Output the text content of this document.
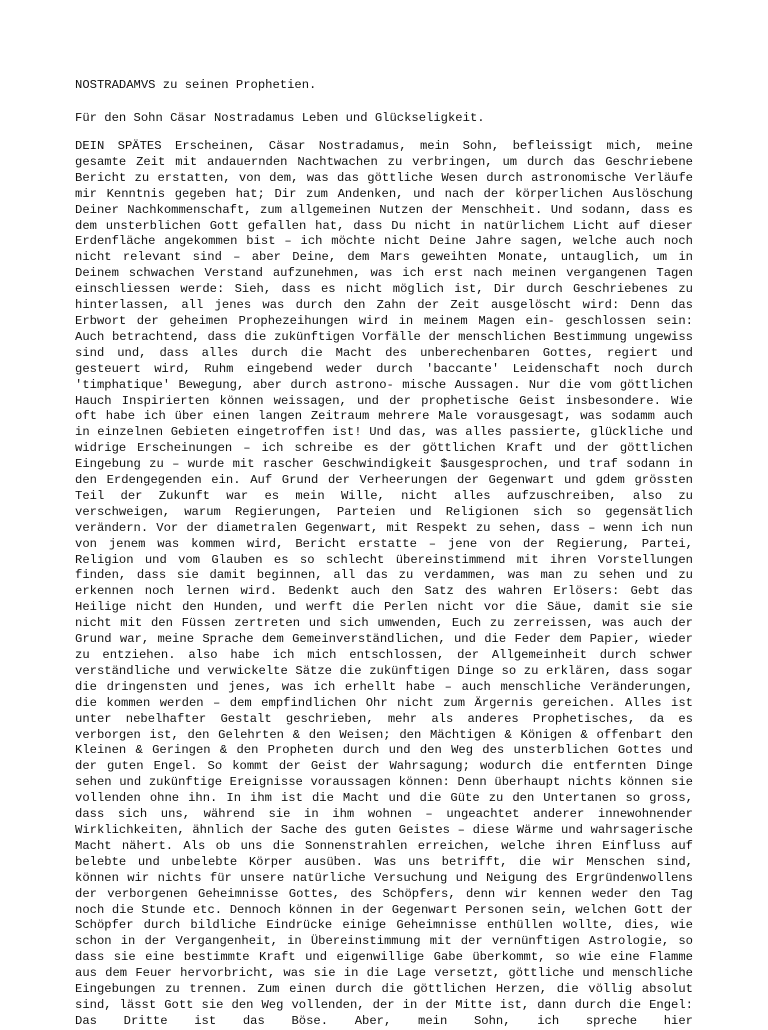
NOSTRADAMVS zu seinen Prophetien.

Für den Sohn Cäsar Nostradamus Leben und Glückseligkeit.

DEIN SPÄTES Erscheinen, Cäsar Nostradamus, mein Sohn, befleissigt mich, meine gesamte Zeit mit andauernden Nachtwachen zu verbringen, um durch das Geschriebene Bericht zu erstatten, von dem, was das göttliche Wesen durch astronomische Verläufe mir Kenntnis gegeben hat; Dir zum Andenken, und nach der körperlichen Auslöschung Deiner Nachkommenschaft, zum allgemeinen Nutzen der Menschheit. Und sodann, dass es dem unsterblichen Gott gefallen hat, dass Du nicht in natürlichem Licht auf dieser Erdenfläche angekommen bist – ich möchte nicht Deine Jahre sagen, welche auch noch nicht relevant sind – aber Deine, dem Mars geweihten Monate, untauglich, um in Deinem schwachen Verstand aufzunehmen, was ich erst nach meinen vergangenen Tagen einschliessen werde: Sieh, dass es nicht möglich ist, Dir durch Geschriebenes zu hinterlassen, all jenes was durch den Zahn der Zeit ausgelöscht wird: Denn das Erbwort der geheimen Prophezeihungen wird in meinem Magen ein- geschlossen sein: Auch betrachtend, dass die zukünftigen Vorfälle der menschlichen Bestimmung ungewiss sind und, dass alles durch die Macht des unberechenbaren Gottes, regiert und gesteuert wird, Ruhm eingebend weder durch 'baccante' Leidenschaft noch durch 'timphatique' Bewegung, aber durch astrono- mische Aussagen. Nur die vom göttlichen Hauch Inspirierten können weissagen, und der prophetische Geist insbesondere. Wie oft habe ich über einen langen Zeitraum mehrere Male vorausgesagt, was sodamm auch in einzelnen Gebieten eingetroffen ist! Und das, was alles passierte, glückliche und widrige Erscheinungen – ich schreibe es der göttlichen Kraft und der göttlichen Eingebung zu – wurde mit rascher Geschwindigkeit $ausgesprochen, und traf sodann in den Erdengegenden ein. Auf Grund der Verheerungen der Gegenwart und gdem grössten Teil der Zukunft war es mein Wille, nicht alles aufzuschreiben, also zu verschweigen, warum Regierungen, Parteien und Religionen sich so gegensätlich verändern. Vor der diametralen Gegenwart, mit Respekt zu sehen, dass – wenn ich nun von jenem was kommen wird, Bericht erstatte – jene von der Regierung, Partei, Religion und vom Glauben es so schlecht übereinstimmend mit ihren Vorstellungen finden, dass sie damit beginnen, all das zu verdammen, was man zu sehen und zu erkennen noch lernen wird. Bedenkt auch den Satz des wahren Erlösers: Gebt das Heilige nicht den Hunden, und werft die Perlen nicht vor die Säue, damit sie sie nicht mit den Füssen zertreten und sich umwenden, Euch zu zerreissen, was auch der Grund war, meine Sprache dem Gemeinverständlichen, und die Feder dem Papier, wieder zu entziehen. also habe ich mich entschlossen, der Allgemeinheit durch schwer verständliche und verwickelte Sätze die zukünftigen Dinge so zu erklären, dass sogar die dringensten und jenes, was ich erhellt habe – auch menschliche Veränderungen, die kommen werden – dem empfindlichen Ohr nicht zum Ärgernis gereichen. Alles ist unter nebelhafter Gestalt geschrieben, mehr als anderes Prophetisches, da es verborgen ist, den Gelehrten & den Weisen; den Mächtigen & Königen & offenbart den Kleinen & Geringen & den Propheten durch und den Weg des unsterblichen Gottes und der guten Engel. So kommt der Geist der Wahrsagung; wodurch die entfernten Dinge sehen und zukünftige Ereignisse voraussagen können: Denn überhaupt nichts können sie vollenden ohne ihn. In ihm ist die Macht und die Güte zu den Untertanen so gross, dass sich uns, während sie in ihm wohnen – ungeachtet anderer innewohnender Wirklichkeiten, ähnlich der Sache des guten Geistes – diese Wärme und wahrsagerische Macht nähert. Als ob uns die Sonnenstrahlen erreichen, welche ihren Einfluss auf belebte und unbelebte Körper ausüben. Was uns betrifft, die wir Menschen sind, können wir nichts für unsere natürliche Versuchung und Neigung des Ergründenwollens der verborgenen Geheimnisse Gottes, des Schöpfers, denn wir kennen weder den Tag noch die Stunde etc. Dennoch können in der Gegenwart Personen sein, welchen Gott der Schöpfer durch bildliche Eindrücke einige Geheimnisse enthüllen wollte, dies, wie schon in der Vergangenheit, in Übereinstimmung mit der vernünftigen Astrologie, so dass sie eine bestimmte Kraft und eigenwillige Gabe überkommt, so wie eine Flamme aus dem Feuer hervorbricht, was sie in die Lage versetzt, göttliche und menschliche Eingebungen zu trennen. Zum einen durch die göttlichen Herzen, die völlig absolut sind, lässt Gott sie den Weg vollenden, der in der Mitte ist, dann durch die Engel: Das Dritte ist das Böse. Aber, mein Sohn, ich spreche hier
